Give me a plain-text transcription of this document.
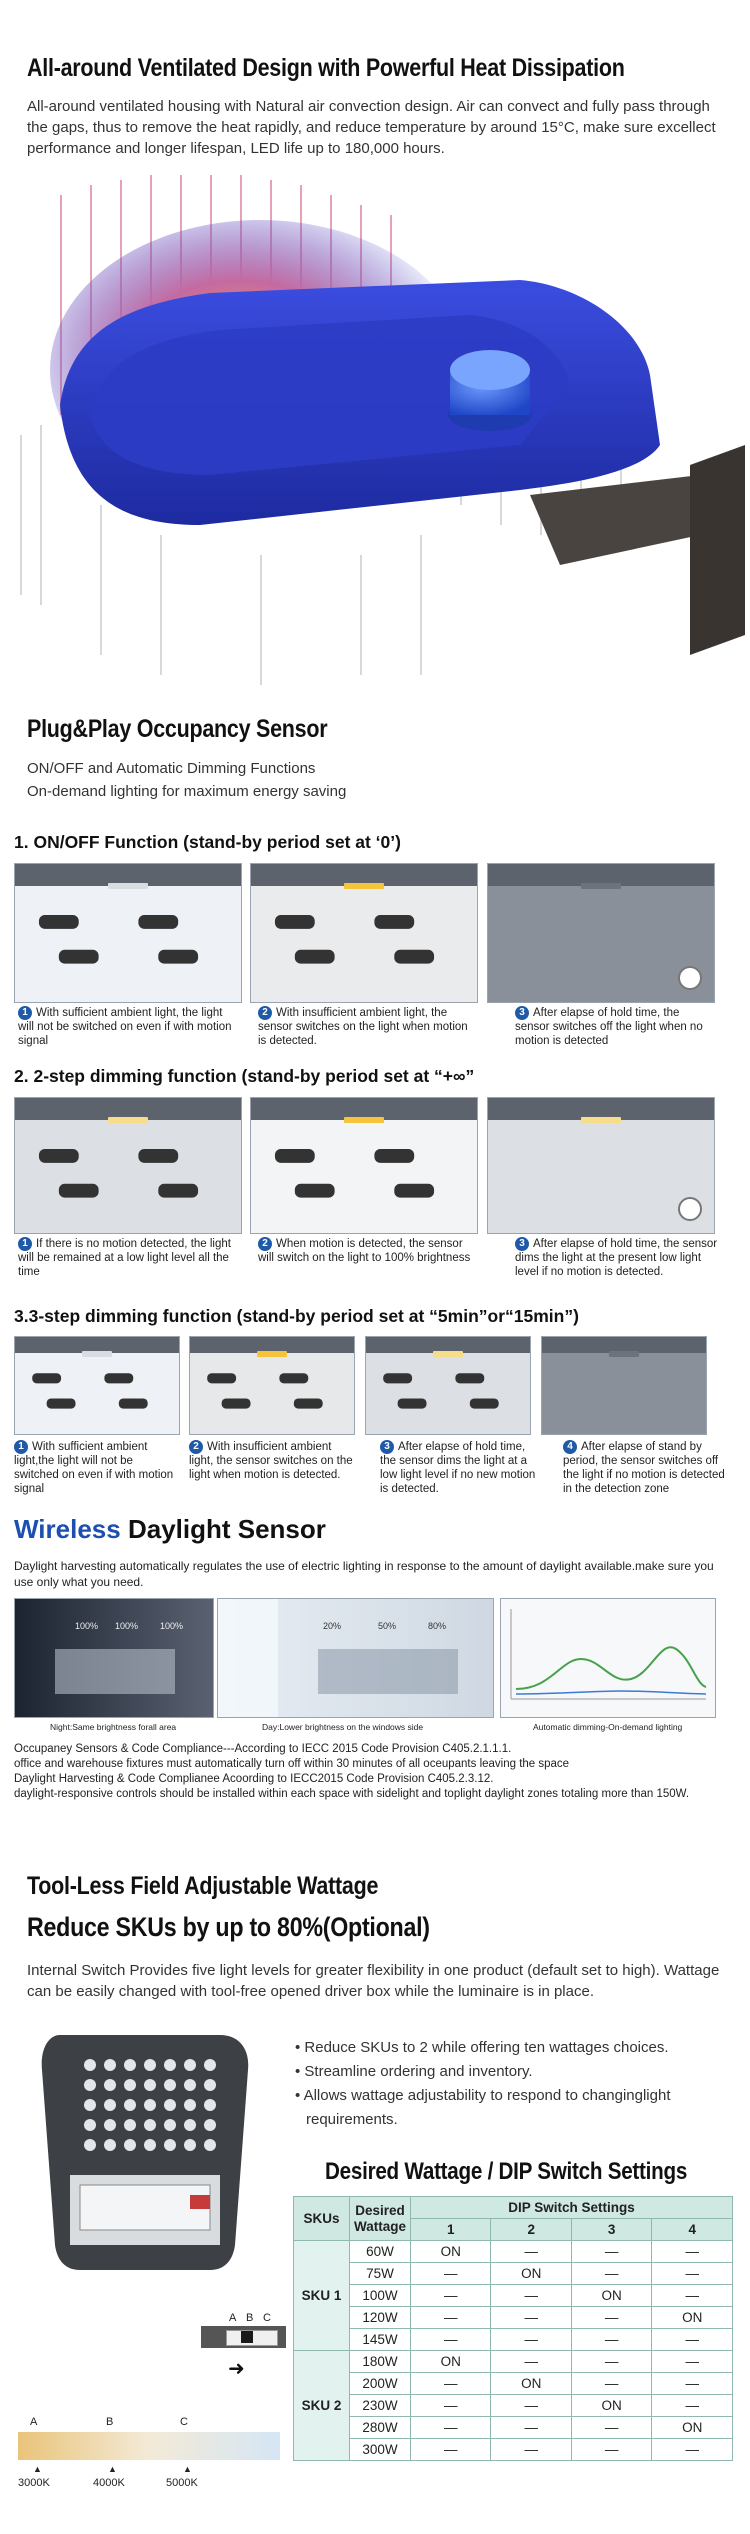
All-around Ventilated Design with Powerful Heat Dissipation
All-around ventilated housing with Natural air convection design. Air can convect and fully pass through the gaps, thus to remove the heat rapidly, and reduce temperature by around 15°C, make sure excellect performance and longer lifespan, LED life up to 180,000 hours.
Plug&Play Occupancy Sensor
ON/OFF and Automatic Dimming Functions
On-demand lighting for maximum energy saving
1. ON/OFF Function (stand-by period set at ‘0’)
1 With sufficient ambient light, the light will not be switched on even if with motion signal
2 With insufficient ambient light, the sensor switches on the light when motion is detected.
3 After elapse of hold time, the sensor switches off the light when no motion is detected
2. 2-step dimming function (stand-by period set at “+∞”
1 If there is no motion detected, the light will be remained at a low light level all the time
2 When motion is detected, the sensor will switch on the light to 100% brightness
3 After elapse of hold time, the sensor dims the light at the present low light level if no motion is detected.
3.3-step dimming function (stand-by period set at “5min”or“15min”)
1 With sufficient ambient light,the light will not be switched on even if with motion signal
2 With insufficient ambient light, the sensor switches on the light when motion is detected.
3 After elapse of hold time, the sensor dims the light at a low light level if no new motion is detected.
4 After elapse of stand by period, the sensor switches off the light if no motion is detected in the detection zone
Wireless Daylight Sensor
Daylight harvesting automatically regulates the use of electric lighting in response to the amount of daylight available.make sure you use only what you need.
100% 100% 100%	20%	50%	80%
Night:Same brightness forall area	Day:Lower brightness on the windows side	Automatic dimming-On-demand lighting
Occupaney Sensors & Code Compliance---According to IECC 2015 Code Provision C405.2.1.1.1.
office and warehouse fixtures must automatically turn off within 30 minutes of all oceupants leaving the space
Daylight Harvesting & Code Complianee Acoording to IECC2015 Code Provision C405.2.3.12.
daylight-responsive controls should be installed within each space with sidelight and toplight daylight zones totaling more than 150W.
Tool-Less Field Adjustable Wattage
Reduce SKUs by up to 80%(Optional)
Internal Switch Provides five light levels for greater flexibility in one product (default set to high). Wattage can be easily changed with tool-free opened driver box while the luminaire is in place.
A B C
➜
A	B	C
▲	▲	▲
3000K	4000K	5000K
• Reduce SKUs to 2 while offering ten wattages choices.
• Streamline ordering and inventory.
• Allows wattage adjustability to respond to changinglight
requirements.
Desired Wattage / DIP Switch Settings
SKUs	Desired
Wattage	DIP Switch Settings			
		1	2	3	4
SKU 1	60W	ON	—	—	—
	75W	—	ON	—	—
	100W	—	—	ON	—
	120W	—	—	—	ON
	145W	—	—	—	—
SKU 2	180W	ON	—	—	—
	200W	—	ON	—	—
	230W	—	—	ON	—
	280W	—	—	—	ON
	300W	—	—	—	—
